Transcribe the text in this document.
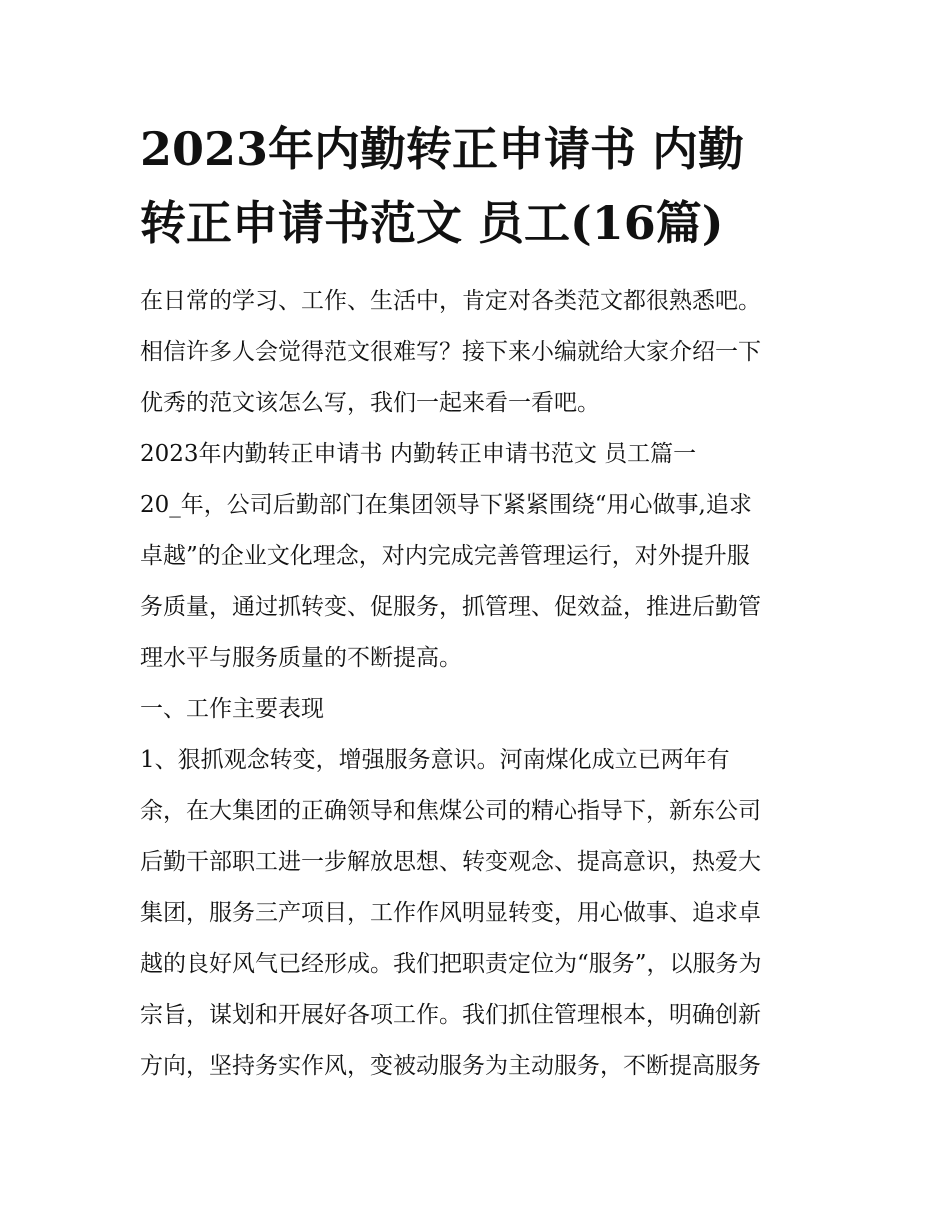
2023年内勤转正申请书 内勤
转正申请书范文 员工(16篇)
在日常的学习、工作、生活中，肯定对各类范文都很熟悉吧。
相信许多人会觉得范文很难写？接下来小编就给大家介绍一下
优秀的范文该怎么写，我们一起来看一看吧。
2023年内勤转正申请书 内勤转正申请书范文 员工篇一
20_年，公司后勤部门在集团领导下紧紧围绕“用心做事,追求
卓越”的企业文化理念，对内完成完善管理运行，对外提升服
务质量，通过抓转变、促服务，抓管理、促效益，推进后勤管
理水平与服务质量的不断提高。
一、工作主要表现
1、狠抓观念转变，增强服务意识。河南煤化成立已两年有
余，在大集团的正确领导和焦煤公司的精心指导下，新东公司
后勤干部职工进一步解放思想、转变观念、提高意识，热爱大
集团，服务三产项目，工作作风明显转变，用心做事、追求卓
越的良好风气已经形成。我们把职责定位为“服务”，以服务为
宗旨，谋划和开展好各项工作。我们抓住管理根本，明确创新
方向，坚持务实作风，变被动服务为主动服务，不断提高服务
